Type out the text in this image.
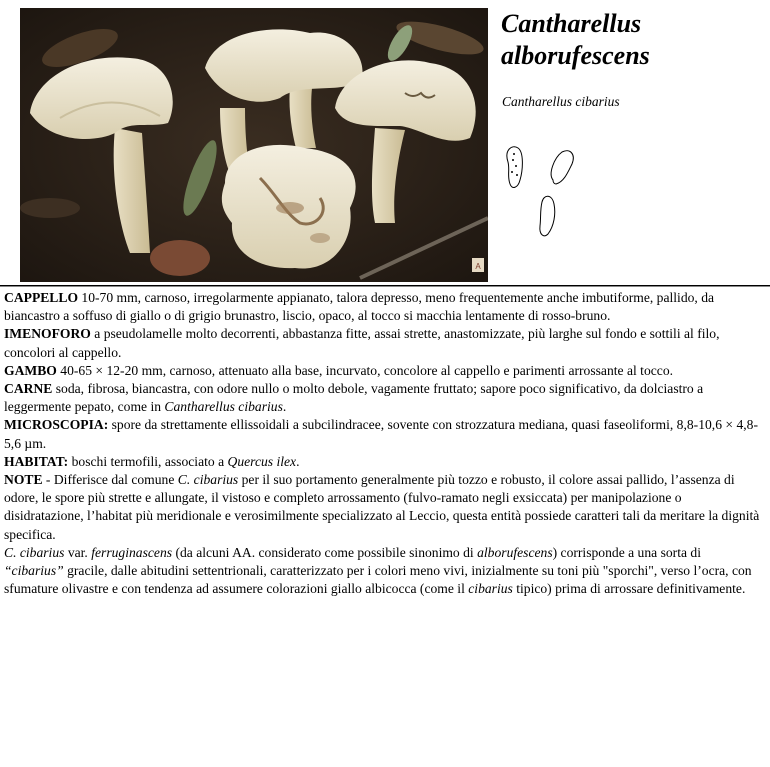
A
Cantharellus
alborufescens
Cantharellus cibarius

CAPPELLO 10-70 mm, carnoso, irregolarmente appianato, talora depresso, meno frequentemente anche imbutiforme, pallido, da biancastro a soffuso di giallo o di grigio brunastro, liscio, opaco, al tocco si macchia lentamente di rosso-bruno.

IMENOFORO a pseudolamelle molto decorrenti, abbastanza fitte, assai strette, anastomizzate, più larghe sul fondo e sottili al filo, concolori al cappello.

GAMBO 40-65 × 12-20 mm, carnoso, attenuato alla base, incurvato, concolore al cappello e parimenti arrossante al tocco.

CARNE soda, fibrosa, biancastra, con odore nullo o molto debole, vagamente fruttato; sapore poco significativo, da dolciastro a leggermente pepato, come in Cantharellus cibarius.

MICROSCOPIA: spore da strettamente ellissoidali a subcilindracee, sovente con strozzatura mediana, quasi faseoliformi, 8,8-10,6 × 4,8-5,6 µm.

HABITAT: boschi termofili, associato a Quercus ilex.

NOTE - Differisce dal comune C. cibarius per il suo portamento generalmente più tozzo e robusto, il colore assai pallido, l’assenza di odore, le spore più strette e allungate, il vistoso e completo arrossamento (fulvo-ramato negli exsiccata) per manipolazione o disidratazione, l’habitat più meridionale e verosimilmente specializzato al Leccio, questa entità possiede caratteri tali da meritare la dignità specifica.

C. cibarius var. ferruginascens (da alcuni AA. considerato come possibile sinonimo di alborufescens) corrisponde a una sorta di “cibarius” gracile, dalle abitudini settentrionali, caratterizzato per i colori meno vivi, inizialmente su toni più "sporchi", verso l’ocra, con sfumature olivastre e con tendenza ad assumere colorazioni giallo albicocca (come il cibarius tipico) prima di arrossare definitivamente.
